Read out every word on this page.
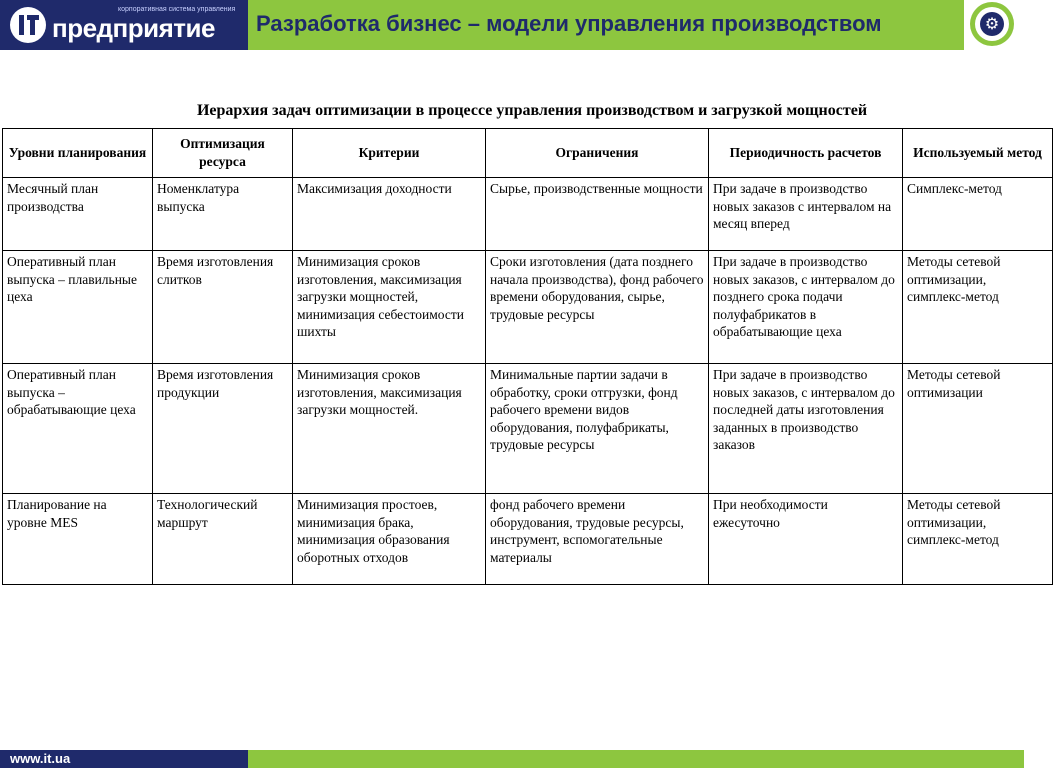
корпоративная система управления
предприятие Разработка бизнес – модели управления производством	⚙
Иерархия задач оптимизации в процессе управления производством и загрузкой мощностей
Уровни планирования	Оптимизация ресурса	Критерии	Ограничения	Периодичность расчетов	Используемый метод
Месячный план производства	Номенклатура выпуска	Максимизация доходности	Сырье, производственные мощности	При задаче в производство новых заказов с интервалом на месяц вперед	Симплекс-метод
Оперативный план выпуска – плавильные цеха	Время изготовления слитков	Минимизация сроков изготовления, максимизация загрузки мощностей, минимизация себестоимости шихты	Сроки изготовления (дата позднего начала производства), фонд рабочего времени оборудования, сырье, трудовые ресурсы	При задаче в производство новых заказов, с интервалом до позднего срока подачи полуфабрикатов в обрабатывающие цеха	Методы сетевой оптимизации, симплекс-метод
Оперативный план выпуска – обрабатывающие цеха	Время изготовления продукции	Минимизация сроков изготовления, максимизация загрузки мощностей.	Минимальные партии задачи в обработку, сроки отгрузки, фонд рабочего времени видов оборудования, полуфабрикаты, трудовые ресурсы	При задаче в производство новых заказов, с интервалом до последней даты изготовления заданных в производство заказов	Методы сетевой оптимизации
Планирование на уровне MES	Технологический маршрут	Минимизация простоев, минимизация брака, минимизация образования оборотных отходов	фонд рабочего времени оборудования, трудовые ресурсы, инструмент, вспомогательные материалы	При необходимости ежесуточно	Методы сетевой оптимизации, симплекс-метод
www.it.ua
